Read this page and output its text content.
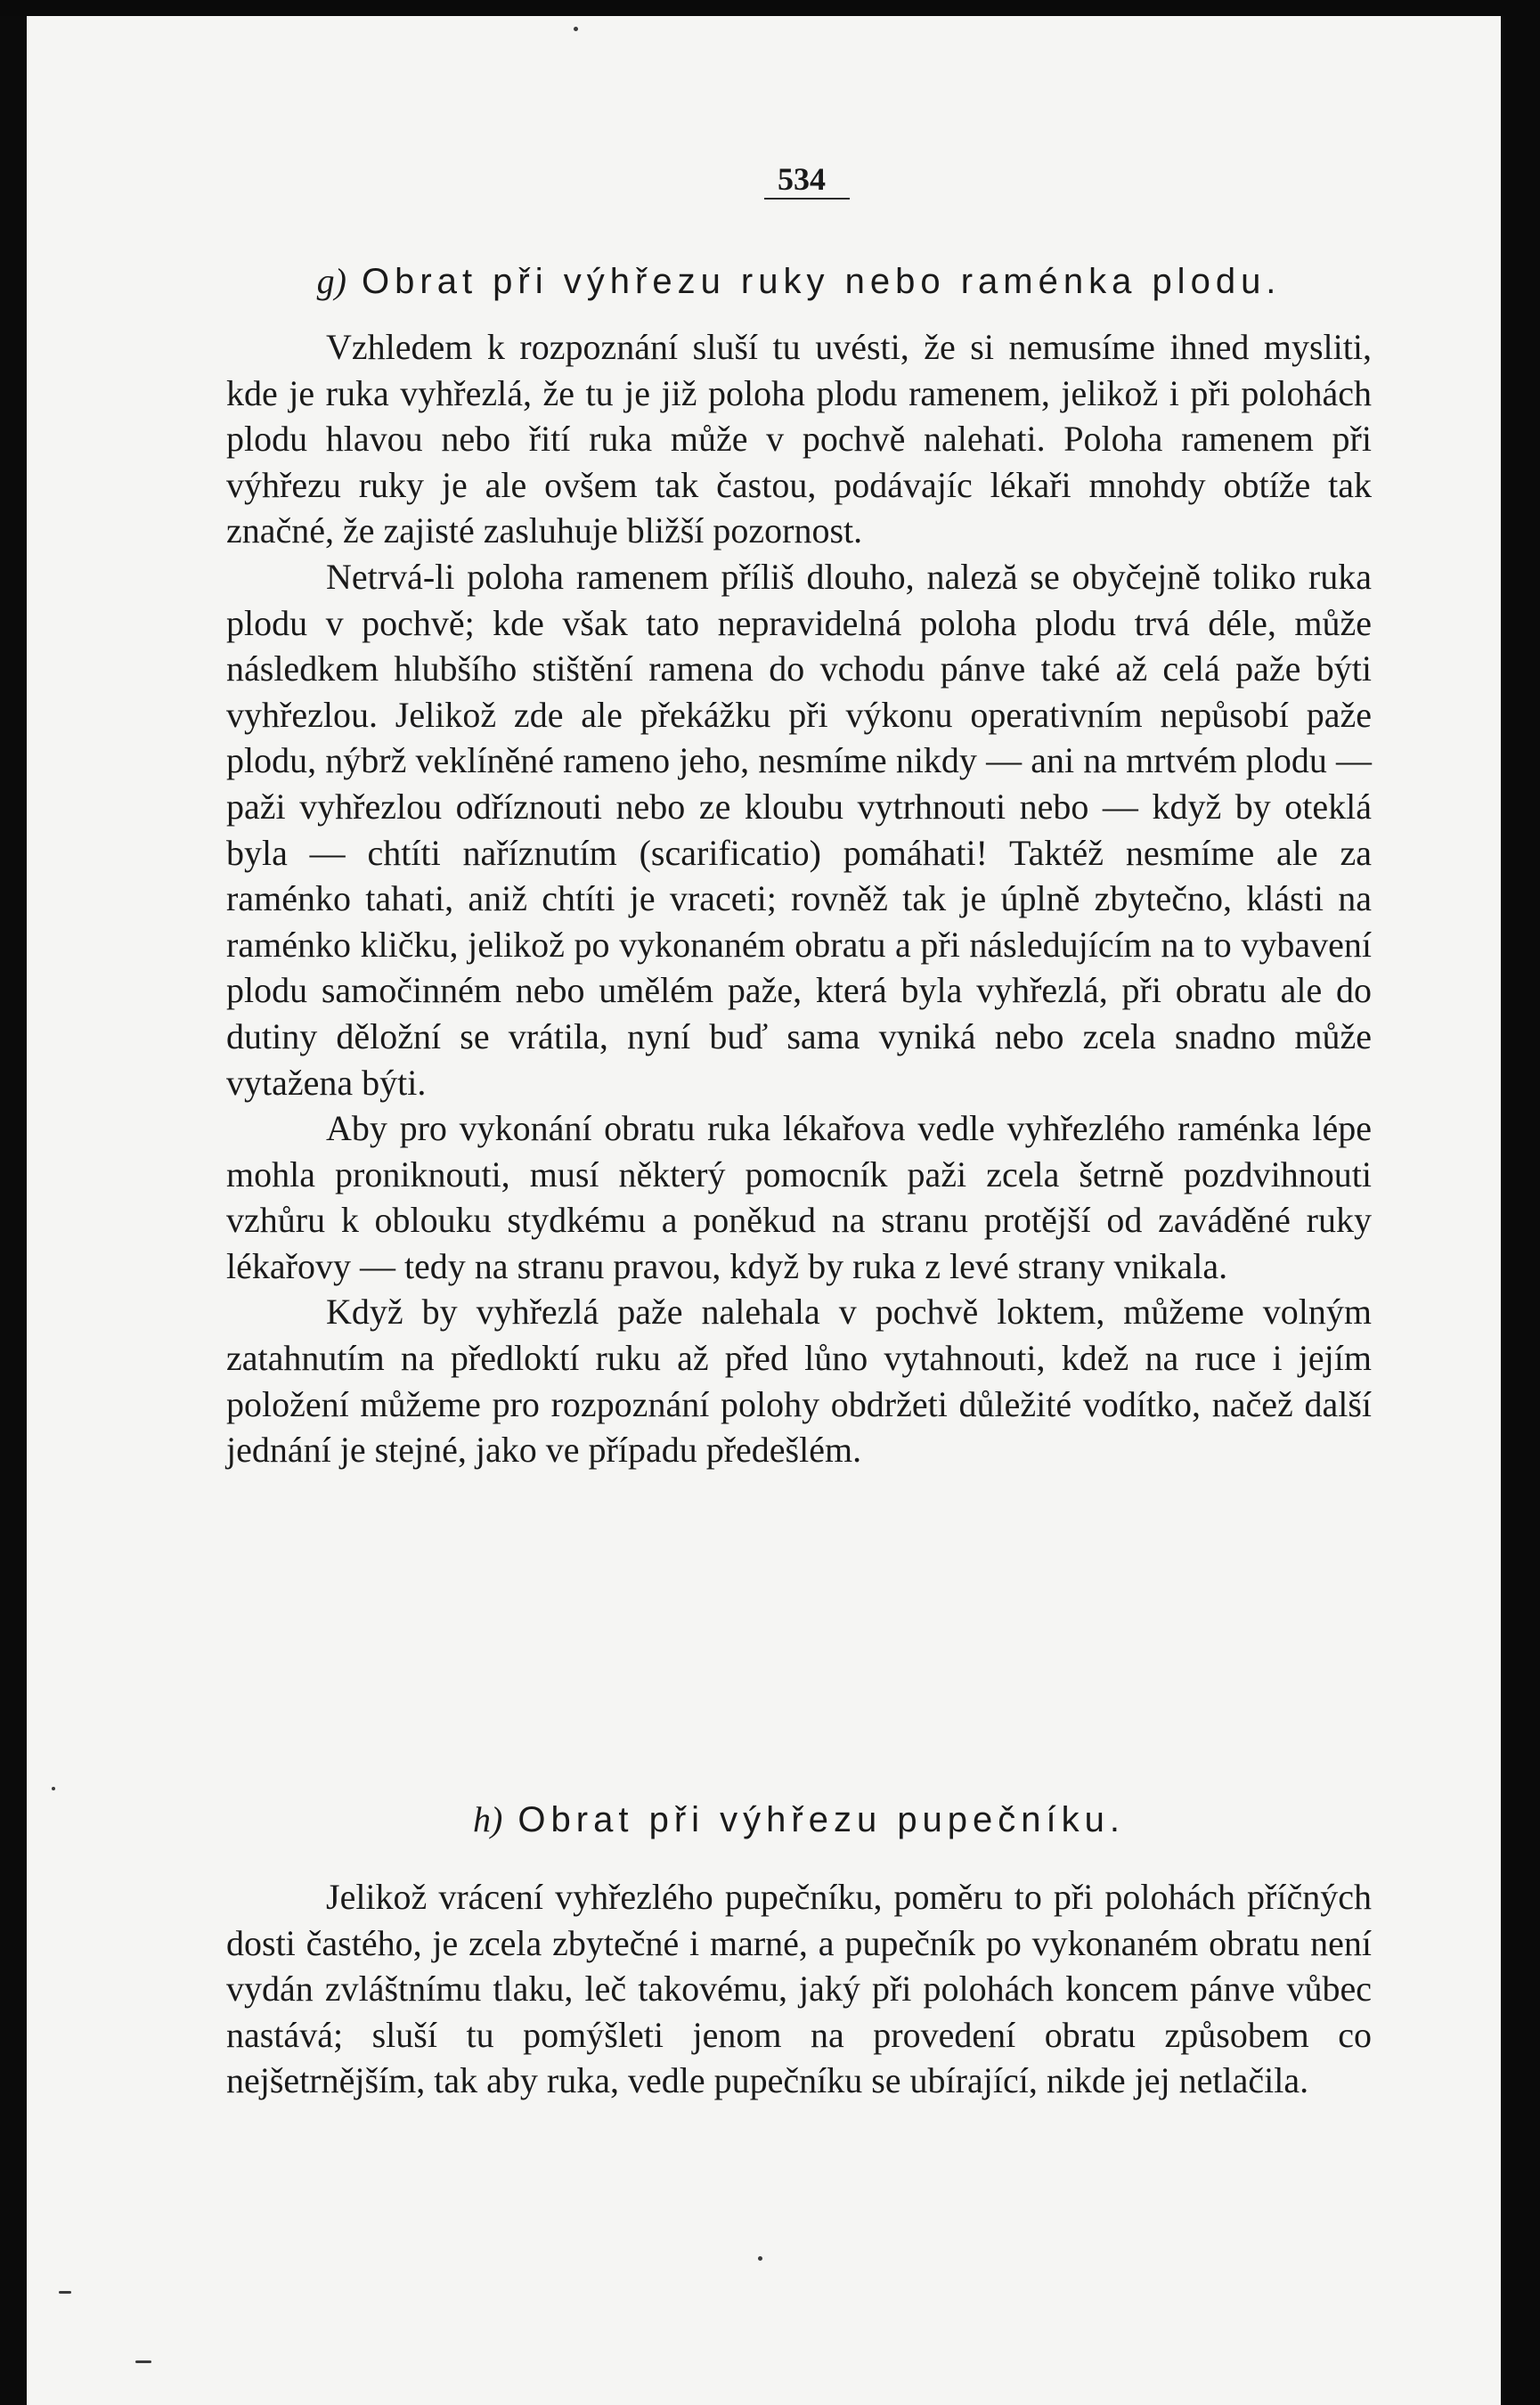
534
g) Obrat při výhřezu ruky nebo raménka plodu.

Vzhledem k rozpoznání sluší tu uvésti, že si nemusíme ihned mysliti, kde je ruka vyhřezlá, že tu je již poloha plodu ramenem, jelikož i při polohách plodu hlavou nebo řití ruka může v pochvě nalehati. Poloha ramenem při výhřezu ruky je ale ovšem tak častou, podávajíc lékaři mnohdy obtíže tak značné, že zajisté zasluhuje bližší pozornost.

Netrvá-li poloha ramenem příliš dlouho, naleză se obyčejně toliko ruka plodu v pochvě; kde však tato nepravidelná poloha plodu trvá déle, může následkem hlubšího stištění ramena do vchodu pánve také až celá paže býti vyhřezlou. Jelikož zde ale překážku při výkonu operativním nepůsobí paže plodu, nýbrž veklíněné rameno jeho, nesmíme nikdy — ani na mrtvém plodu — paži vyhřezlou odříznouti nebo ze kloubu vytrhnouti nebo — když by oteklá byla — chtíti naříznutím (scarificatio) pomáhati! Taktéž nesmíme ale za raménko tahati, aniž chtíti je vraceti; rovněž tak je úplně zbytečno, klásti na raménko kličku, jelikož po vykonaném obratu a při následujícím na to vybavení plodu samočinném nebo umělém paže, která byla vyhřezlá, při obratu ale do dutiny děložní se vrátila, nyní buď sama vyniká nebo zcela snadno může vytažena býti.

Aby pro vykonání obratu ruka lékařova vedle vyhřezlého raménka lépe mohla proniknouti, musí některý pomocník paži zcela šetrně pozdvihnouti vzhůru k oblouku stydkému a poněkud na stranu protější od zaváděné ruky lékařovy — tedy na stranu pravou, když by ruka z levé strany vnikala.

Když by vyhřezlá paže nalehala v pochvě loktem, můžeme volným zatahnutím na předloktí ruku až před lůno vytahnouti, kdež na ruce i jejím položení můžeme pro rozpoznání polohy obdržeti důležité vodítko, načež další jednání je stejné, jako ve případu předešlém.

h) Obrat při výhřezu pupečníku.

Jelikož vrácení vyhřezlého pupečníku, poměru to při polohách příčných dosti častého, je zcela zbytečné i marné, a pupečník po vykonaném obratu není vydán zvláštnímu tlaku, leč takovému, jaký při polohách koncem pánve vůbec nastává; sluší tu pomýšleti jenom na provedení obratu způsobem co nejšetrnějším, tak aby ruka, vedle pupečníku se ubírající, nikde jej netlačila.
